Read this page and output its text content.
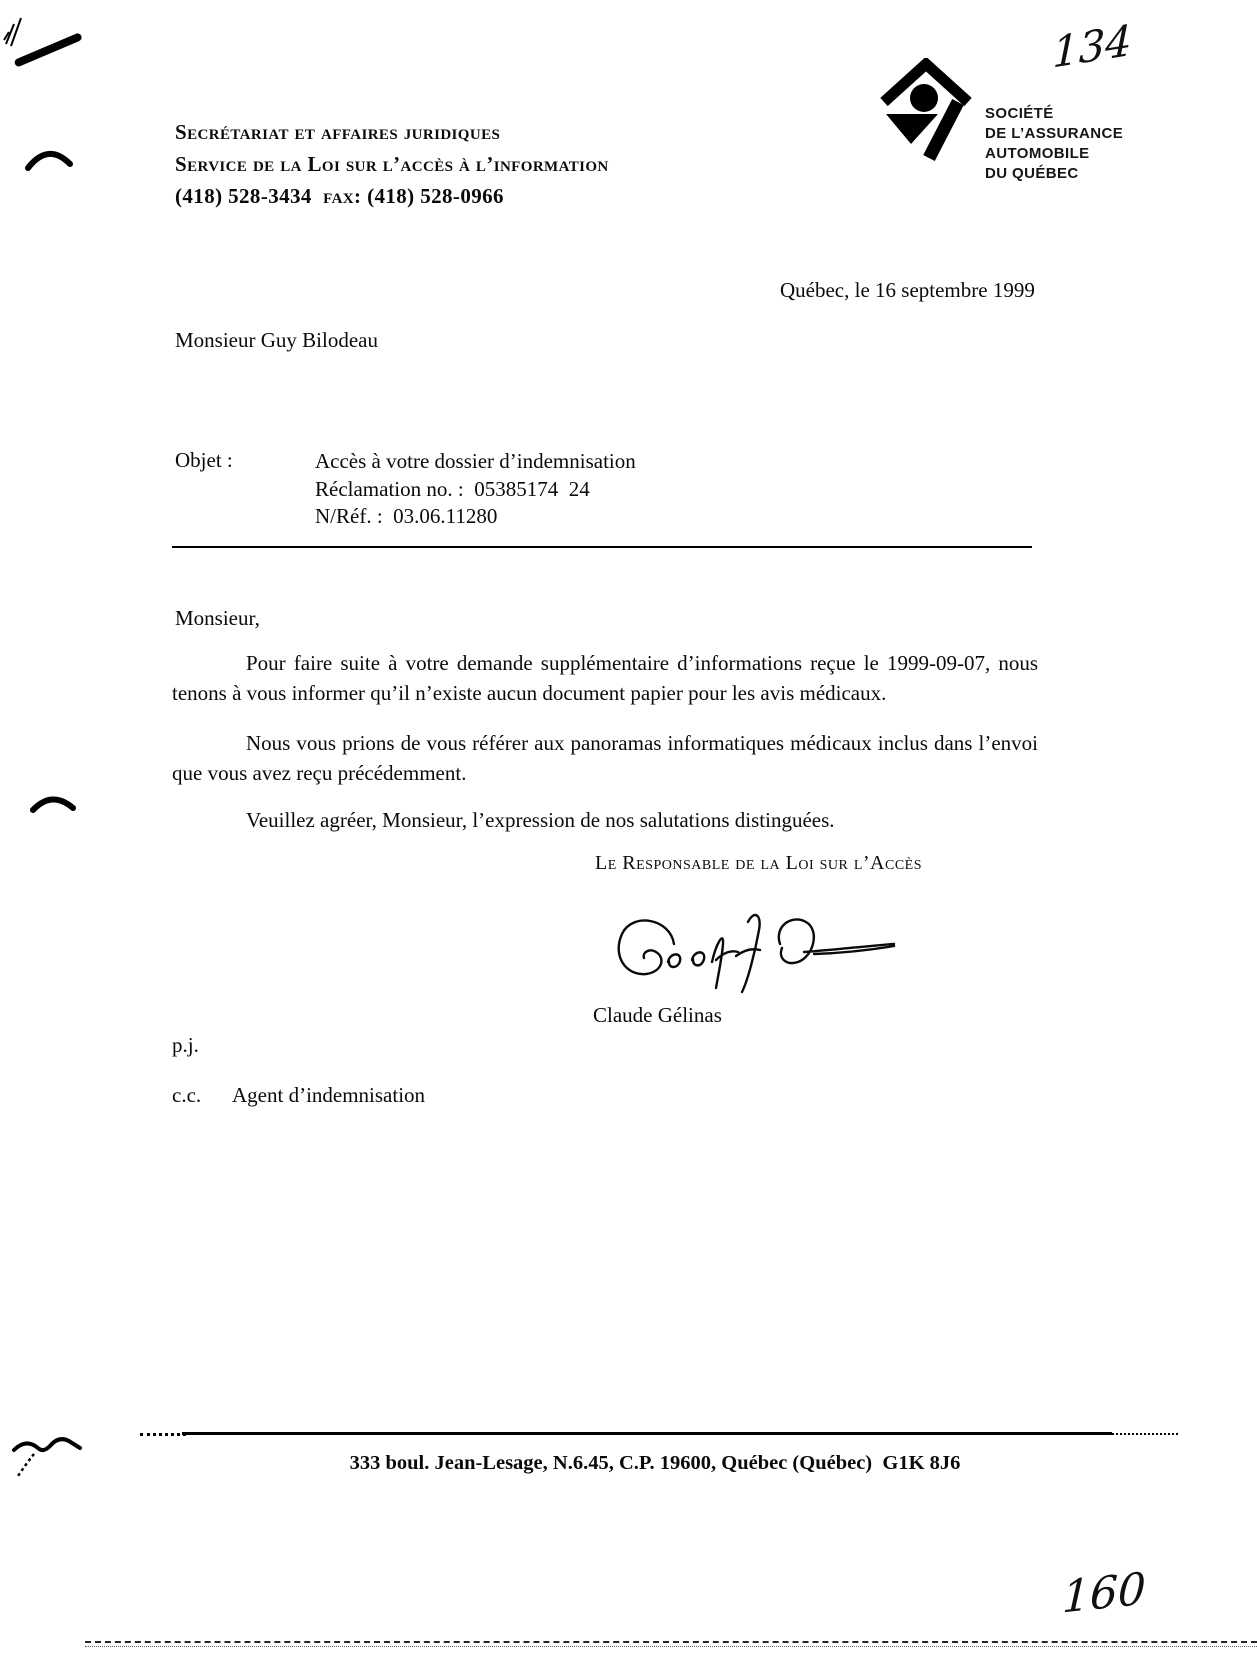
134
160
Secrétariat et affaires juridiques
Service de la Loi sur l’accès à l’information
(418) 528-3434  fax: (418) 528-0966
SOCIÉTÉ
DE L’ASSURANCE
AUTOMOBILE
DU QUÉBEC
Québec, le 16 septembre 1999
Monsieur Guy Bilodeau
Objet :	Accès à votre dossier d’indemnisation
Réclamation no. :  05385174  24
N/Réf. :  03.06.11280
Monsieur,
Pour faire suite à votre demande supplémentaire d’informations reçue le 1999-09-07, nous tenons à vous informer qu’il n’existe aucun document papier pour les avis médicaux.
Nous vous prions de vous référer aux panoramas informatiques médicaux inclus dans l’envoi que vous avez reçu précédemment.
Veuillez agréer, Monsieur, l’expression de nos salutations distinguées.
Le Responsable de la Loi sur l’Accès
Claude Gélinas
p.j.
c.c. Agent d’indemnisation
333 boul. Jean-Lesage, N.6.45, C.P. 19600, Québec (Québec)  G1K 8J6
